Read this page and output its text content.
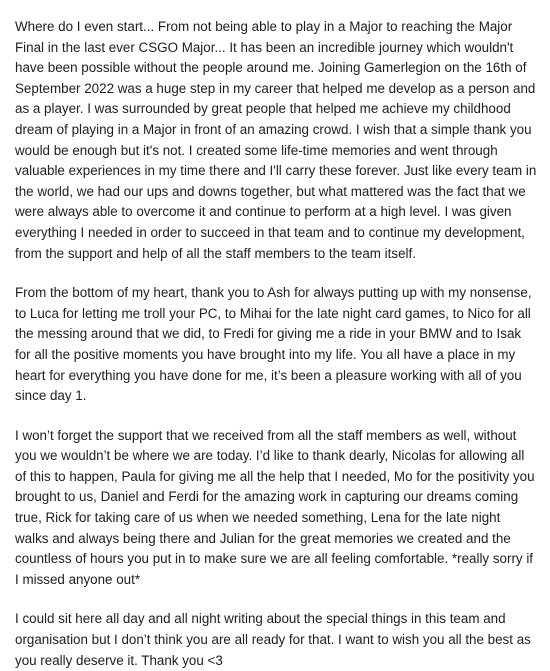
Where do I even start... From not being able to play in a Major to reaching the Major Final in the last ever CSGO Major... It has been an incredible journey which wouldn't have been possible without the people around me. Joining Gamerlegion on the 16th of September 2022 was a huge step in my career that helped me develop as a person and as a player. I was surrounded by great people that helped me achieve my childhood dream of playing in a Major in front of an amazing crowd. I wish that a simple thank you would be enough but it's not. I created some life-time memories and went through valuable experiences in my time there and I'll carry these forever. Just like every team in the world, we had our ups and downs together, but what mattered was the fact that we were always able to overcome it and continue to perform at a high level. I was given everything I needed in order to succeed in that team and to continue my development, from the support and help of all the staff members to the team itself.

From the bottom of my heart, thank you to Ash for always putting up with my nonsense, to Luca for letting me troll your PC, to Mihai for the late night card games, to Nico for all the messing around that we did, to Fredi for giving me a ride in your BMW and to Isak for all the positive moments you have brought into my life. You all have a place in my heart for everything you have done for me, it’s been a pleasure working with all of you since day 1.

I won’t forget the support that we received from all the staff members as well, without you we wouldn’t be where we are today. I’d like to thank dearly, Nicolas for allowing all of this to happen, Paula for giving me all the help that I needed, Mo for the positivity you brought to us, Daniel and Ferdi for the amazing work in capturing our dreams coming true, Rick for taking care of us when we needed something, Lena for the late night walks and always being there and Julian for the great memories we created and the countless of hours you put in to make sure we are all feeling comfortable. *really sorry if I missed anyone out*

I could sit here all day and all night writing about the special things in this team and organisation but I don’t think you are all ready for that. I want to wish you all the best as you really deserve it. Thank you <3
